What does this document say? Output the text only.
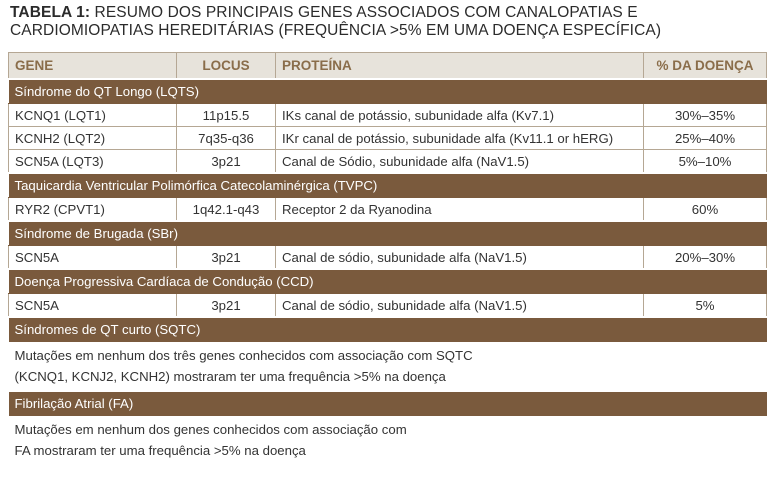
TABELA 1: RESUMO DOS PRINCIPAIS GENES ASSOCIADOS COM CANALOPATIAS E CARDIOMIOPATIAS HEREDITÁRIAS (FREQUÊNCIA >5% EM UMA DOENÇA ESPECÍFICA)
GENE	LOCUS	PROTEÍNA	% DA DOENÇA
Síndrome do QT Longo (LQTS)			
KCNQ1 (LQT1)	11p15.5	IKs canal de potássio, subunidade alfa (Kv7.1)	30%–35%
KCNH2 (LQT2)	7q35-q36	IKr canal de potássio, subunidade alfa (Kv11.1 or hERG)	25%–40%
SCN5A (LQT3)	3p21	Canal de Sódio, subunidade alfa (NaV1.5)	5%–10%
Taquicardia Ventricular Polimórfica Catecolaminérgica (TVPC)			
RYR2 (CPVT1)	1q42.1-q43	Receptor 2 da Ryanodina	60%
Síndrome de Brugada (SBr)			
SCN5A	3p21	Canal de sódio, subunidade alfa (NaV1.5)	20%–30%
Doença Progressiva Cardíaca de Condução (CCD)			
SCN5A	3p21	Canal de sódio, subunidade alfa (NaV1.5)	5%
Síndromes de QT curto (SQTC)			

Mutações em nenhum dos três genes conhecidos com associação com SQTC
(KCNQ1, KCNJ2, KCNH2) mostraram ter uma frequência >5% na doença			

Fibrilação Atrial (FA)			

Mutações em nenhum dos genes conhecidos com associação com
FA mostraram ter uma frequência >5% na doença			
